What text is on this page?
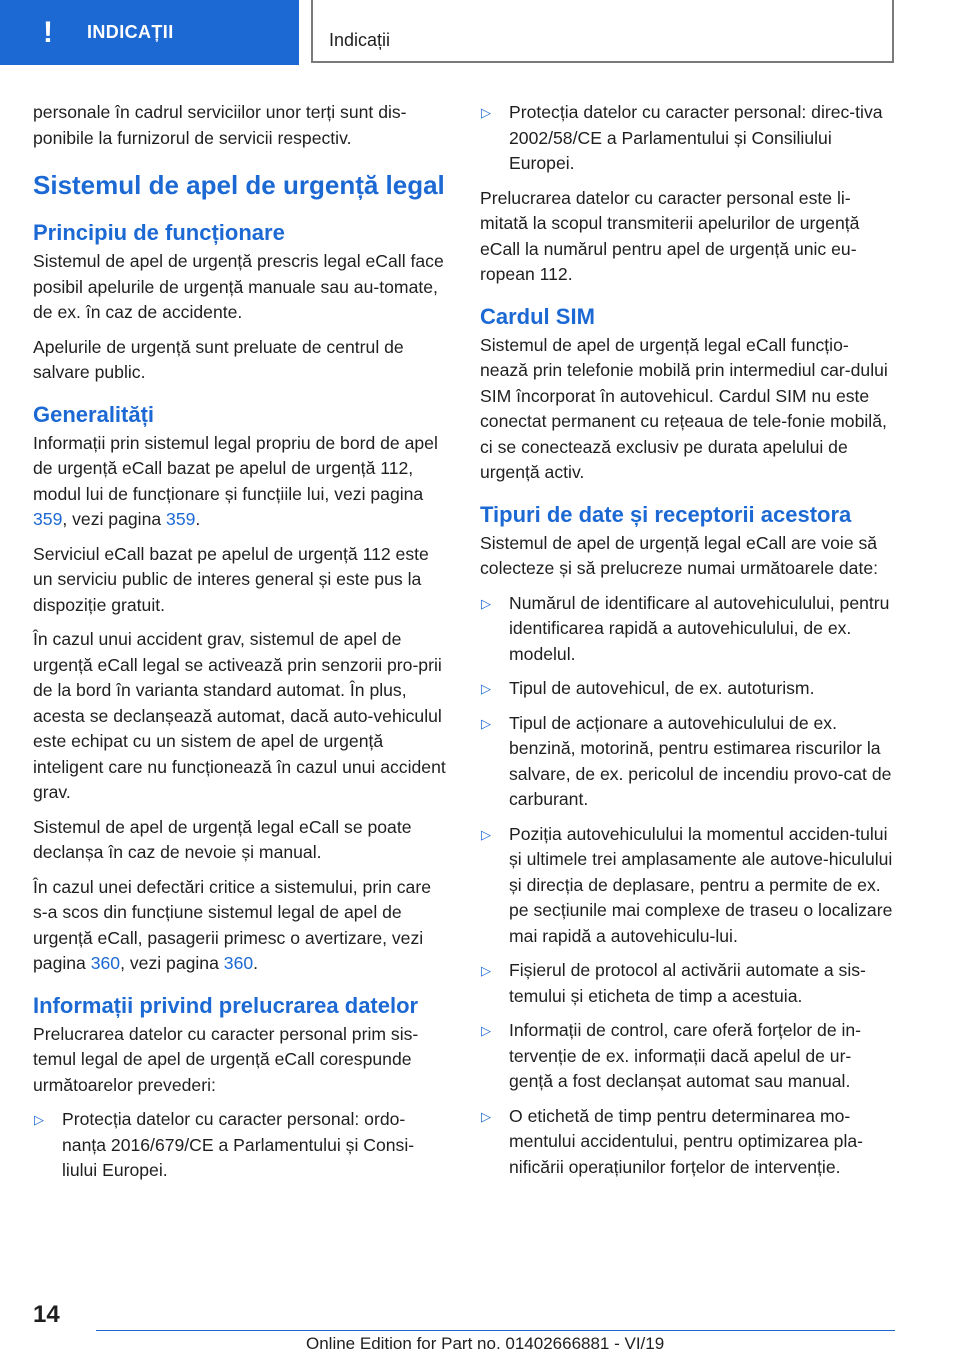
! INDICAȚII	Indicații

personale în cadrul serviciilor unor terți sunt dis-ponibile la furnizorul de servicii respectiv.

Sistemul de apel de urgență legal
Principiu de funcționare

Sistemul de apel de urgență prescris legal eCall face posibil apelurile de urgență manuale sau au-tomate, de ex. în caz de accidente.

Apelurile de urgență sunt preluate de centrul de salvare public.

Generalități

Informații prin sistemul legal propriu de bord de apel de urgență eCall bazat pe apelul de urgență 112, modul lui de funcționare și funcțiile lui, vezi pagina 359, vezi pagina 359.

Serviciul eCall bazat pe apelul de urgență 112 este un serviciu public de interes general și este pus la dispoziție gratuit.

În cazul unui accident grav, sistemul de apel de urgență eCall legal se activează prin senzorii pro-prii de la bord în varianta standard automat. În plus, acesta se declanșează automat, dacă auto-vehiculul este echipat cu un sistem de apel de urgență inteligent care nu funcționează în cazul unui accident grav.

Sistemul de apel de urgență legal eCall se poate declanșa în caz de nevoie și manual.

În cazul unei defectări critice a sistemului, prin care s-a scos din funcțiune sistemul legal de apel de urgență eCall, pasagerii primesc o avertizare, vezi pagina 360, vezi pagina 360.

Informații privind prelucrarea datelor

Prelucrarea datelor cu caracter personal prim sis-temul legal de apel de urgență eCall corespunde următoarelor prevederi:

▷ Protecția datelor cu caracter personal: ordo-nanța 2016/679/CE a Parlamentului și Consi-liului Europei.
▷ Protecția datelor cu caracter personal: direc-tiva 2002/58/CE a Parlamentului și Consiliului Europei.

Prelucrarea datelor cu caracter personal este li-mitată la scopul transmiterii apelurilor de urgență eCall la numărul pentru apel de urgență unic eu-ropean 112.

Cardul SIM

Sistemul de apel de urgență legal eCall funcțio-nează prin telefonie mobilă prin intermediul car-dului SIM încorporat în autovehicul. Cardul SIM nu este conectat permanent cu rețeaua de tele-fonie mobilă, ci se conectează exclusiv pe durata apelului de urgență activ.

Tipuri de date și receptorii acestora

Sistemul de apel de urgență legal eCall are voie să colecteze și să prelucreze numai următoarele date:

▷ Numărul de identificare al autovehiculului, pentru identificarea rapidă a autovehiculului, de ex. modelul.
▷ Tipul de autovehicul, de ex. autoturism.
▷ Tipul de acționare a autovehiculului de ex. benzină, motorină, pentru estimarea riscurilor la salvare, de ex. pericolul de incendiu provo-cat de carburant.
▷ Poziția autovehiculului la momentul acciden-tului și ultimele trei amplasamente ale autove-hiculului și direcția de deplasare, pentru a permite de ex. pe secțiunile mai complexe de traseu o localizare mai rapidă a autovehiculu-lui.
▷ Fișierul de protocol al activării automate a sis-temului și eticheta de timp a acestuia.
▷ Informații de control, care oferă forțelor de in-tervenție de ex. informații dacă apelul de ur-gență a fost declanșat automat sau manual.
▷ O etichetă de timp pentru determinarea mo-mentului accidentului, pentru optimizarea pla-nificării operațiunilor forțelor de intervenție.
14
Online Edition for Part no. 01402666881 - VI/19
